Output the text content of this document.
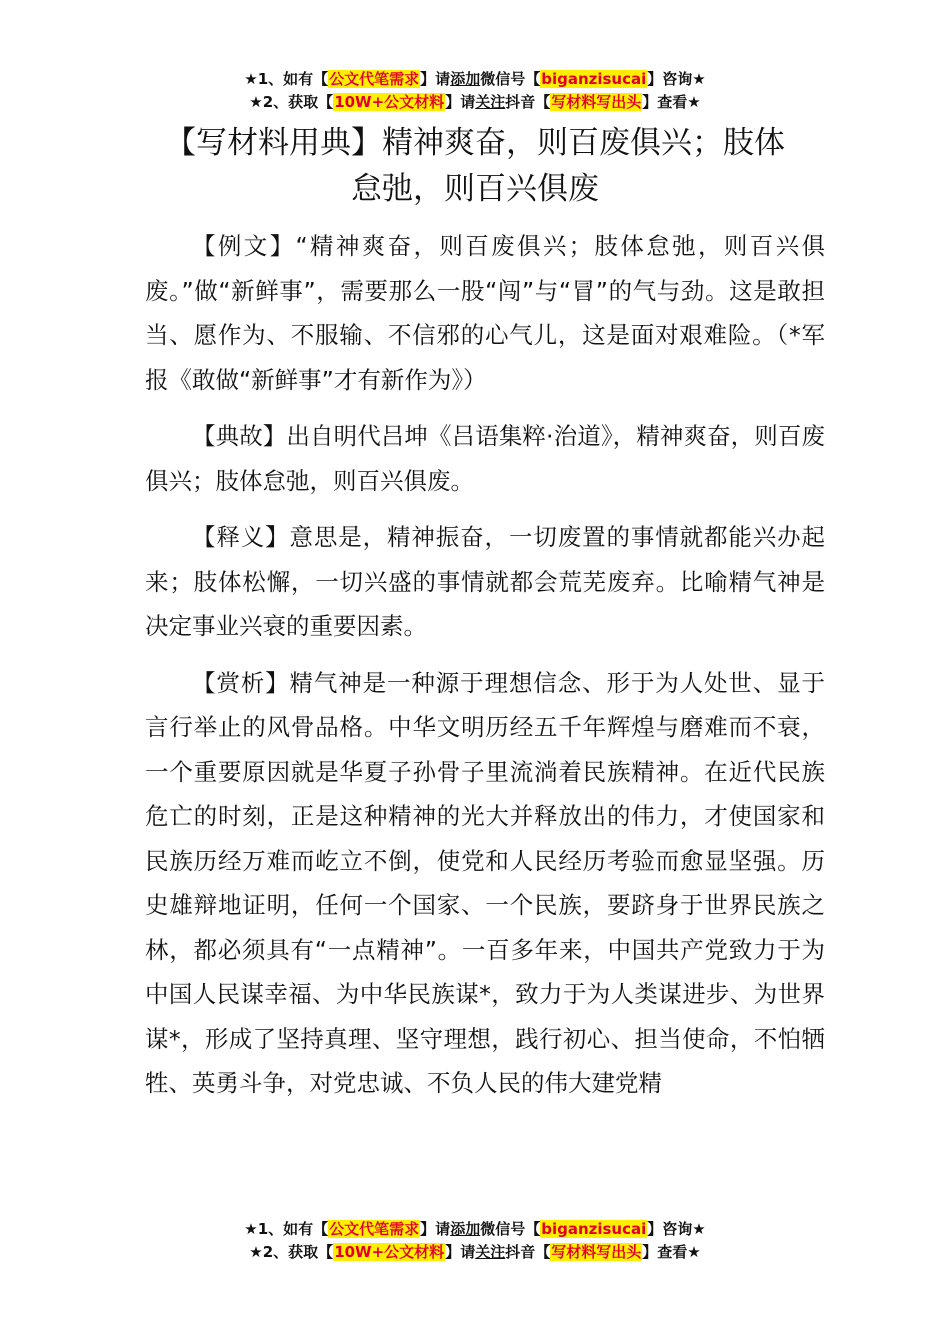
★1、如有【公文代笔需求】请添加微信号【biganzisucai】咨询★
★2、获取【10W+公文材料】请关注抖音【写材料写出头】查看★
【写材料用典】精神爽奋，则百废俱兴；肢体怠弛，则百兴俱废

【例文】“精神爽奋，则百废俱兴；肢体怠弛，则百兴俱废。”做“新鲜事”，需要那么一股“闯”与“冒”的气与劲。这是敢担当、愿作为、不服输、不信邪的心气儿，这是面对艰难险。（*军报《敢做“新鲜事”才有新作为》）

【典故】出自明代吕坤《吕语集粹·治道》，精神爽奋，则百废俱兴；肢体怠弛，则百兴俱废。

【释义】意思是，精神振奋，一切废置的事情就都能兴办起来；肢体松懈，一切兴盛的事情就都会荒芜废弃。比喻精气神是决定事业兴衰的重要因素。

【赏析】精气神是一种源于理想信念、形于为人处世、显于言行举止的风骨品格。中华文明历经五千年辉煌与磨难而不衰，一个重要原因就是华夏子孙骨子里流淌着民族精神。在近代民族危亡的时刻，正是这种精神的光大并释放出的伟力，才使国家和民族历经万难而屹立不倒，使党和人民经历考验而愈显坚强。历史雄辩地证明，任何一个国家、一个民族，要跻身于世界民族之林，都必须具有“一点精神”。一百多年来，中国共产党致力于为中国人民谋幸福、为中华民族谋*，致力于为人类谋进步、为世界谋*，形成了坚持真理、坚守理想，践行初心、担当使命，不怕牺牲、英勇斗争，对党忠诚、不负人民的伟大建党精

★1、如有【公文代笔需求】请添加微信号【biganzisucai】咨询★
★2、获取【10W+公文材料】请关注抖音【写材料写出头】查看★
